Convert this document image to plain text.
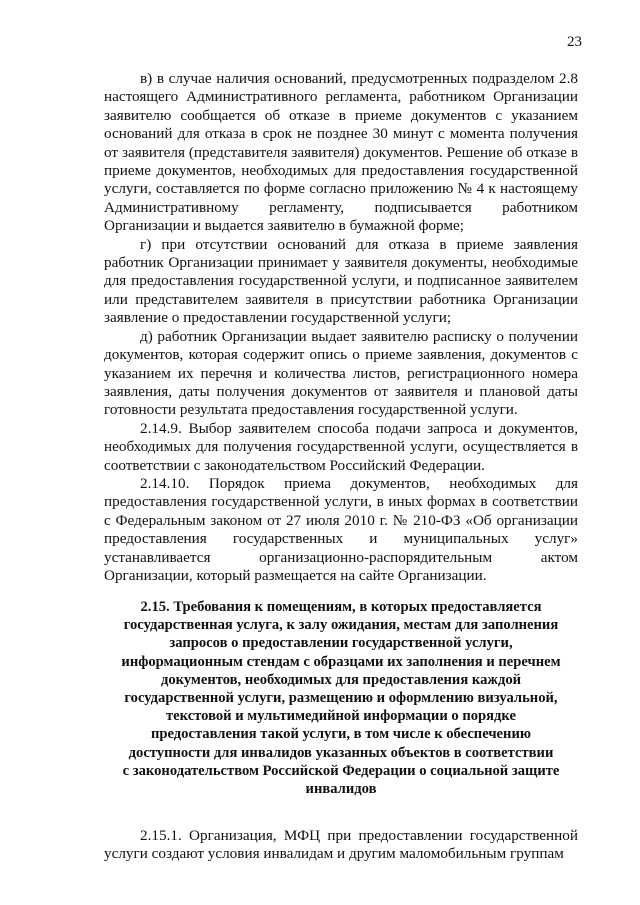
23

в) в случае наличия оснований, предусмотренных подразделом 2.8 настоящего Административного регламента, работником Организации заявителю сообщается об отказе в приеме документов с указанием оснований для отказа в срок не позднее 30 минут с момента получения от заявителя (представителя заявителя) документов. Решение об отказе в приеме документов, необходимых для предоставления государственной услуги, составляется по форме согласно приложению № 4 к настоящему Административному регламенту, подписывается работником Организации и выдается заявителю в бумажной форме;

г) при отсутствии оснований для отказа в приеме заявления работник Организации принимает у заявителя документы, необходимые для предоставления государственной услуги, и подписанное заявителем или представителем заявителя в присутствии работника Организации заявление о предоставлении государственной услуги;

д) работник Организации выдает заявителю расписку о получении документов, которая содержит опись о приеме заявления, документов с указанием их перечня и количества листов, регистрационного номера заявления, даты получения документов от заявителя и плановой даты готовности результата предоставления государственной услуги.

2.14.9. Выбор заявителем способа подачи запроса и документов, необходимых для получения государственной услуги, осуществляется в соответствии с законодательством Российский Федерации.

2.14.10. Порядок приема документов, необходимых для предоставления государственной услуги, в иных формах в соответствии с Федеральным законом от 27 июля 2010 г. № 210-ФЗ «Об организации предоставления государственных и муниципальных услуг» устанавливается организационно-распорядительным актом Организации, который размещается на сайте Организации.

2.15. Требования к помещениям, в которых предоставляется

государственная услуга, к залу ожидания, местам для заполнения

запросов о предоставлении государственной услуги,

информационным стендам с образцами их заполнения и перечнем

документов, необходимых для предоставления каждой

государственной услуги, размещению и оформлению визуальной,

текстовой и мультимедийной информации о порядке

предоставления такой услуги, в том числе к обеспечению

доступности для инвалидов указанных объектов в соответствии

с законодательством Российской Федерации о социальной защите

инвалидов

2.15.1. Организация, МФЦ при предоставлении государственной услуги создают условия инвалидам и другим маломобильным группам
